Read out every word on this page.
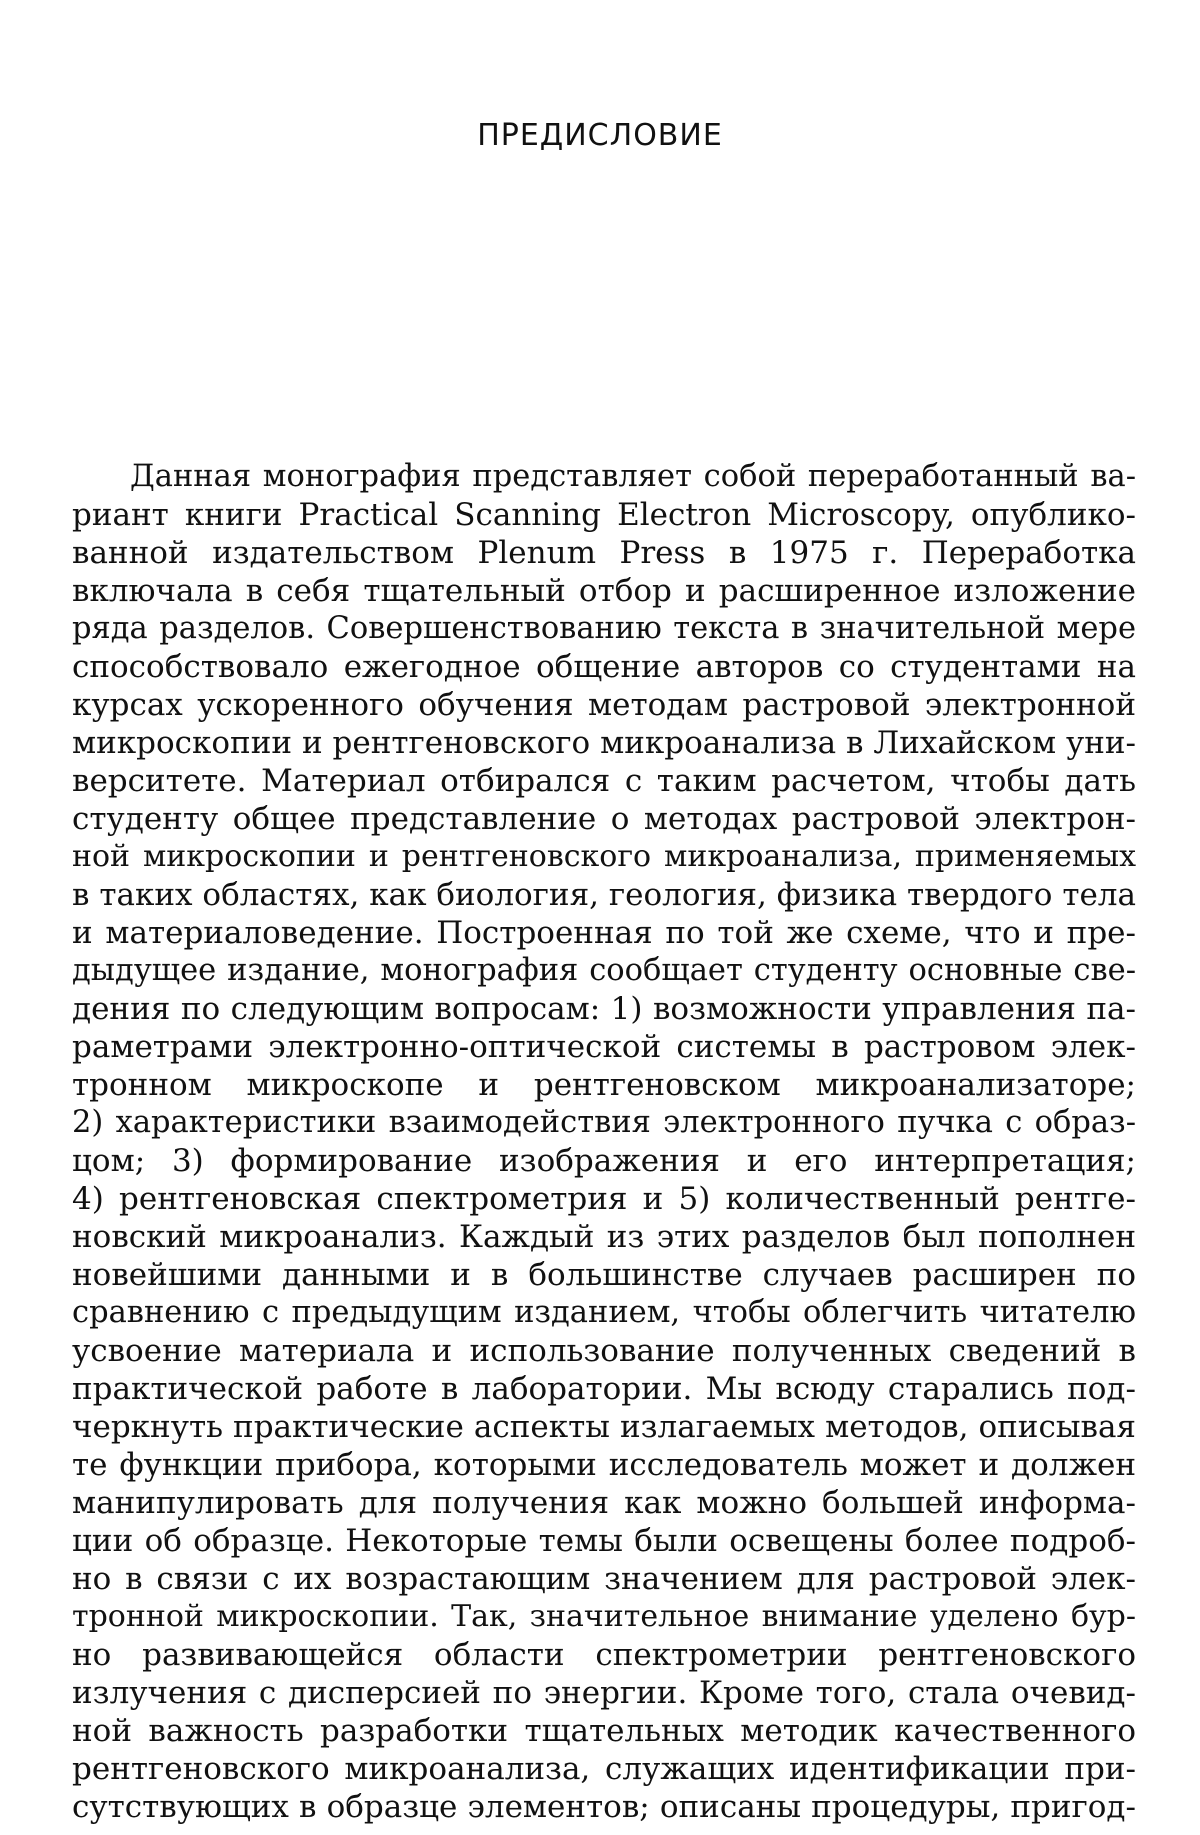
ПРЕДИСЛОВИЕ
Данная монография представляет собой переработанный ва-
риант книги Practical Scanning Electron Microscopy, опублико-
ванной издательством Plenum Press в 1975 г. Переработка
включала в себя тщательный отбор и расширенное изложение
ряда разделов. Совершенствованию текста в значительной мере
способствовало ежегодное общение авторов со студентами на
курсах ускоренного обучения методам растровой электронной
микроскопии и рентгеновского микроанализа в Лихайском уни-
верситете. Материал отбирался с таким расчетом, чтобы дать
студенту общее представление о методах растровой электрон-
ной микроскопии и рентгеновского микроанализа, применяемых
в таких областях, как биология, геология, физика твердого тела
и материаловедение. Построенная по той же схеме, что и пре-
дыдущее издание, монография сообщает студенту основные све-
дения по следующим вопросам: 1) возможности управления па-
раметрами электронно-оптической системы в растровом элек-
тронном микроскопе и рентгеновском микроанализаторе;
2) характеристики взаимодействия электронного пучка с образ-
цом; 3) формирование изображения и его интерпретация;
4) рентгеновская спектрометрия и 5) количественный рентге-
новский микроанализ. Каждый из этих разделов был пополнен
новейшими данными и в большинстве случаев расширен по
сравнению с предыдущим изданием, чтобы облегчить читателю
усвоение материала и использование полученных сведений в
практической работе в лаборатории. Мы всюду старались под-
черкнуть практические аспекты излагаемых методов, описывая
те функции прибора, которыми исследователь может и должен
манипулировать для получения как можно большей информа-
ции об образце. Некоторые темы были освещены более подроб-
но в связи с их возрастающим значением для растровой элек-
тронной микроскопии. Так, значительное внимание уделено бур-
но развивающейся области спектрометрии рентгеновского
излучения с дисперсией по энергии. Кроме того, стала очевид-
ной важность разработки тщательных методик качественного
рентгеновского микроанализа, служащих идентификации при-
сутствующих в образце элементов; описаны процедуры, пригод-
